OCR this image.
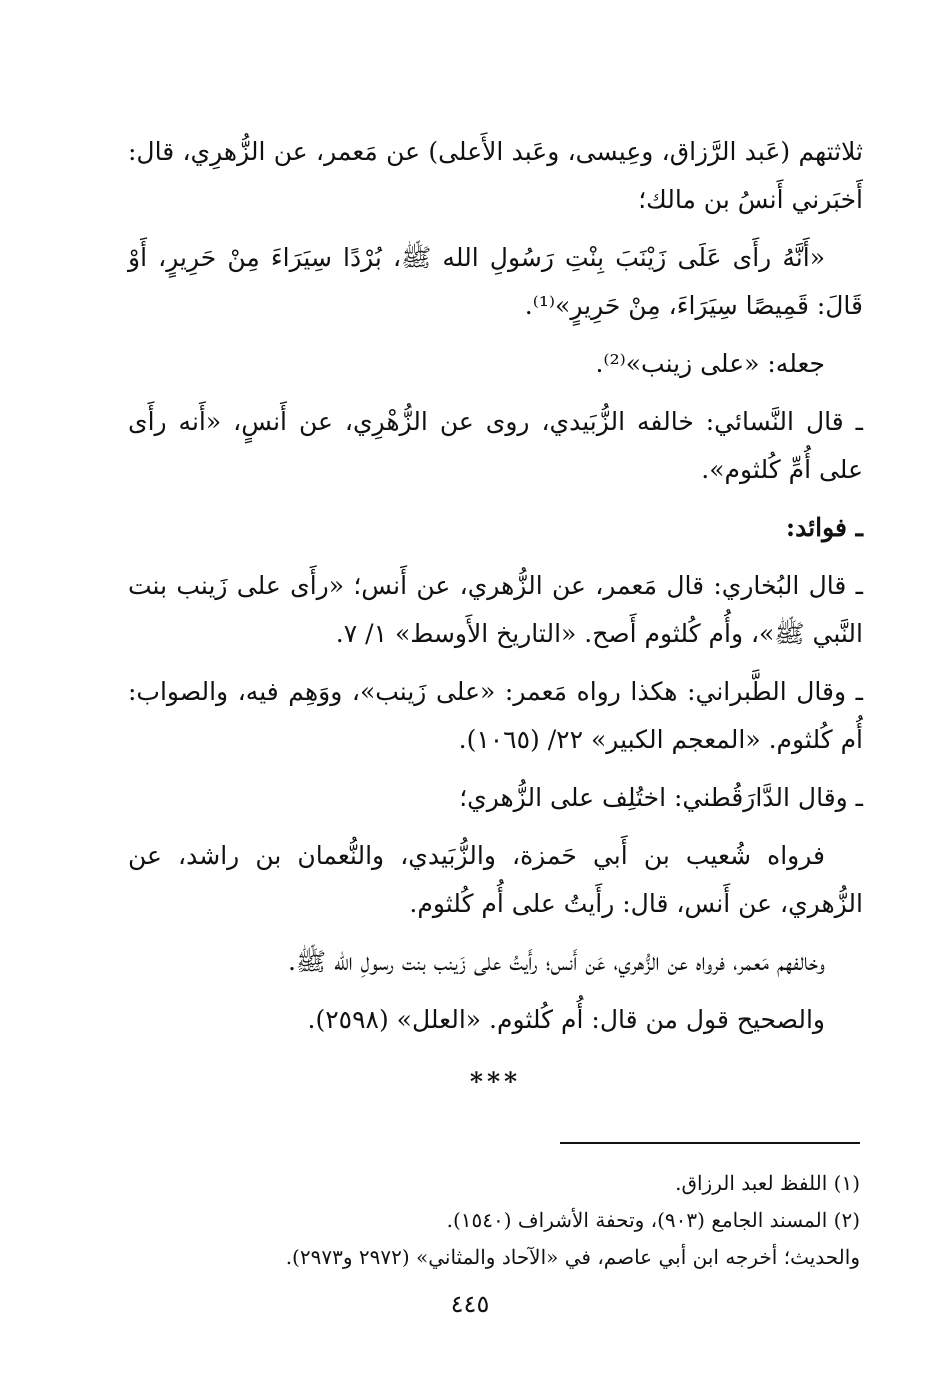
ثلاثتهم (عَبد الرَّزاق، وعِيسى، وعَبد الأَعلى) عن مَعمر، عن الزُّهرِي، قال: أَخبَرني أَنسُ بن مالك؛

«أَنَّهُ رأَى عَلَى زَيْنَبَ بِنْتِ رَسُولِ الله ﷺ، بُرْدًا سِيَرَاءَ مِنْ حَرِيرٍ، أَوْ قَالَ: قَمِيصًا سِيَرَاءَ، مِنْ حَرِيرٍ»⁽¹⁾.

جعله: «على زينب»⁽²⁾.

ـ قال النَّسائي: خالفه الزُّبَيدي، روى عن الزُّهْرِي، عن أَنسٍ، «أَنه رأَى على أُمِّ كُلثوم».

ـ فوائد:

ـ قال البُخاري: قال مَعمر، عن الزُّهري، عن أَنس؛ «رأَى على زَينب بنت النَّبي ﷺ»، وأُم كُلثوم أَصح. «التاريخ الأَوسط» ١/ ٧.

ـ وقال الطَّبراني: هكذا رواه مَعمر: «على زَينب»، ووَهِم فيه، والصواب: أُم كُلثوم. «المعجم الكبير» ٢٢/ (١٠٦٥).

ـ وقال الدَّارَقُطني: اختُلِف على الزُّهري؛

فرواه شُعيب بن أَبي حَمزة، والزُّبَيدي، والنُّعمان بن راشد، عن الزُّهري، عن أَنس، قال: رأَيتُ على أُم كُلثوم.

وخالفهم مَعمر، فرواه عن الزُّهري، عَن أَنس؛ رأَيتُ على زَينب بنت رسولِ الله ﷺ.

والصحيح قول من قال: أُم كُلثوم. «العلل» (٢٥٩٨).

***

(١) اللفظ لعبد الرزاق.

(٢) المسند الجامع (٩٠٣)، وتحفة الأشراف (١٥٤٠).

والحديث؛ أخرجه ابن أبي عاصم، في «الآحاد والمثاني» (٢٩٧٢ و٢٩٧٣).

٤٤٥
